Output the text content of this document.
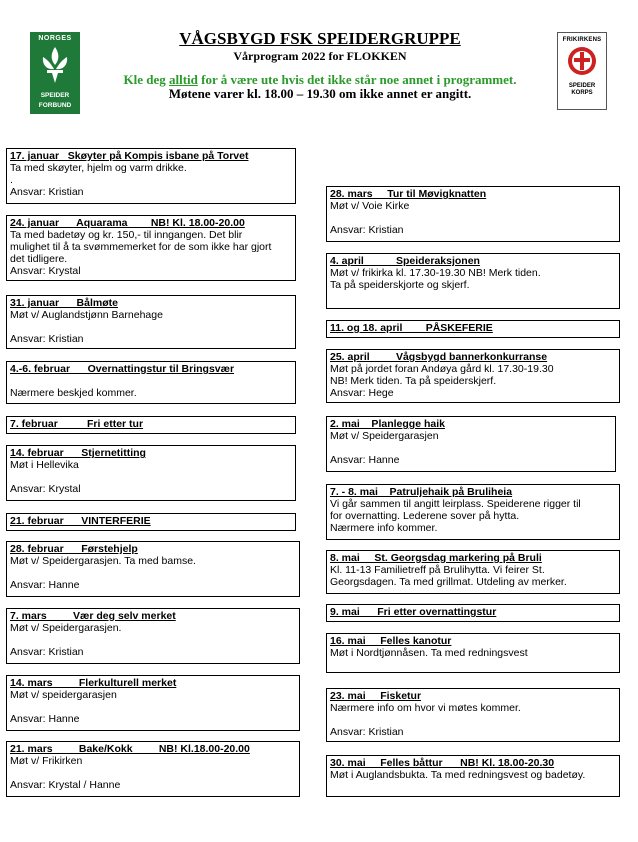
NORGES
SPEIDER
FORBUND
VÅGSBYGD FSK SPEIDERGRUPPE
Vårprogram 2022 for FLOKKEN
Kle deg alltid for å være ute hvis det ikke står noe annet i programmet.
Møtene varer kl. 18.00 – 19.30 om ikke annet er angitt.
FRIKIRKENS
SPEIDER
KORPS
17. januar   Skøyter på Kompis isbane på Torvet
Ta med skøyter, hjelm og varm drikke.
.
Ansvar: Kristian
24. januar      Aquarama        NB! Kl. 18.00-20.00
Ta med badetøy og kr. 150,- til inngangen. Det blir
mulighet til å ta svømmemerket for de som ikke har gjort
det tidligere.
Ansvar: Krystal
31. januar      Bålmøte
Møt v/ Auglandstjønn Barnehage
Ansvar: Kristian
4.-6. februar      Overnattingstur til Bringsvær
Nærmere beskjed kommer.
7. februar          Fri etter tur
14. februar      Stjernetitting
Møt i Hellevika
Ansvar: Krystal
21. februar      VINTERFERIE
28. februar      Førstehjelp
Møt v/ Speidergarasjen. Ta med bamse.
Ansvar: Hanne
7. mars         Vær deg selv merket
Møt v/ Speidergarasjen.
Ansvar: Kristian
14. mars         Flerkulturell merket
Møt v/ speidergarasjen
Ansvar: Hanne
21. mars         Bake/Kokk         NB! Kl.18.00-20.00
Møt v/ Frikirken
Ansvar: Krystal / Hanne
28. mars     Tur til Møvigknatten
Møt v/ Voie Kirke
Ansvar: Kristian
4. april           Speideraksjonen
Møt v/ frikirka kl. 17.30-19.30 NB! Merk tiden.
Ta på speiderskjorte og skjerf.
11. og 18. april        PÅSKEFERIE
25. april         Vågsbygd bannerkonkurranse
Møt på jordet foran Andøya gård kl. 17.30-19.30
NB! Merk tiden. Ta på speiderskjerf.
Ansvar: Hege
2. mai    Planlegge haik
Møt v/ Speidergarasjen
Ansvar: Hanne
7. - 8. mai    Patruljehaik på Bruliheia
Vi går sammen til angitt leirplass. Speiderene rigger til
for overnatting. Lederene sover på hytta.
Nærmere info kommer.
8. mai     St. Georgsdag markering på Bruli
Kl. 11-13 Familietreff på Brulihytta. Vi feirer St.
Georgsdagen. Ta med grillmat. Utdeling av merker.
9. mai      Fri etter overnattingstur
16. mai     Felles kanotur
Møt i Nordtjønnåsen. Ta med redningsvest
23. mai     Fisketur
Nærmere info om hvor vi møtes kommer.
Ansvar: Kristian
30. mai     Felles båttur      NB! Kl. 18.00-20.30
Møt i Auglandsbukta. Ta med redningsvest og badetøy.
